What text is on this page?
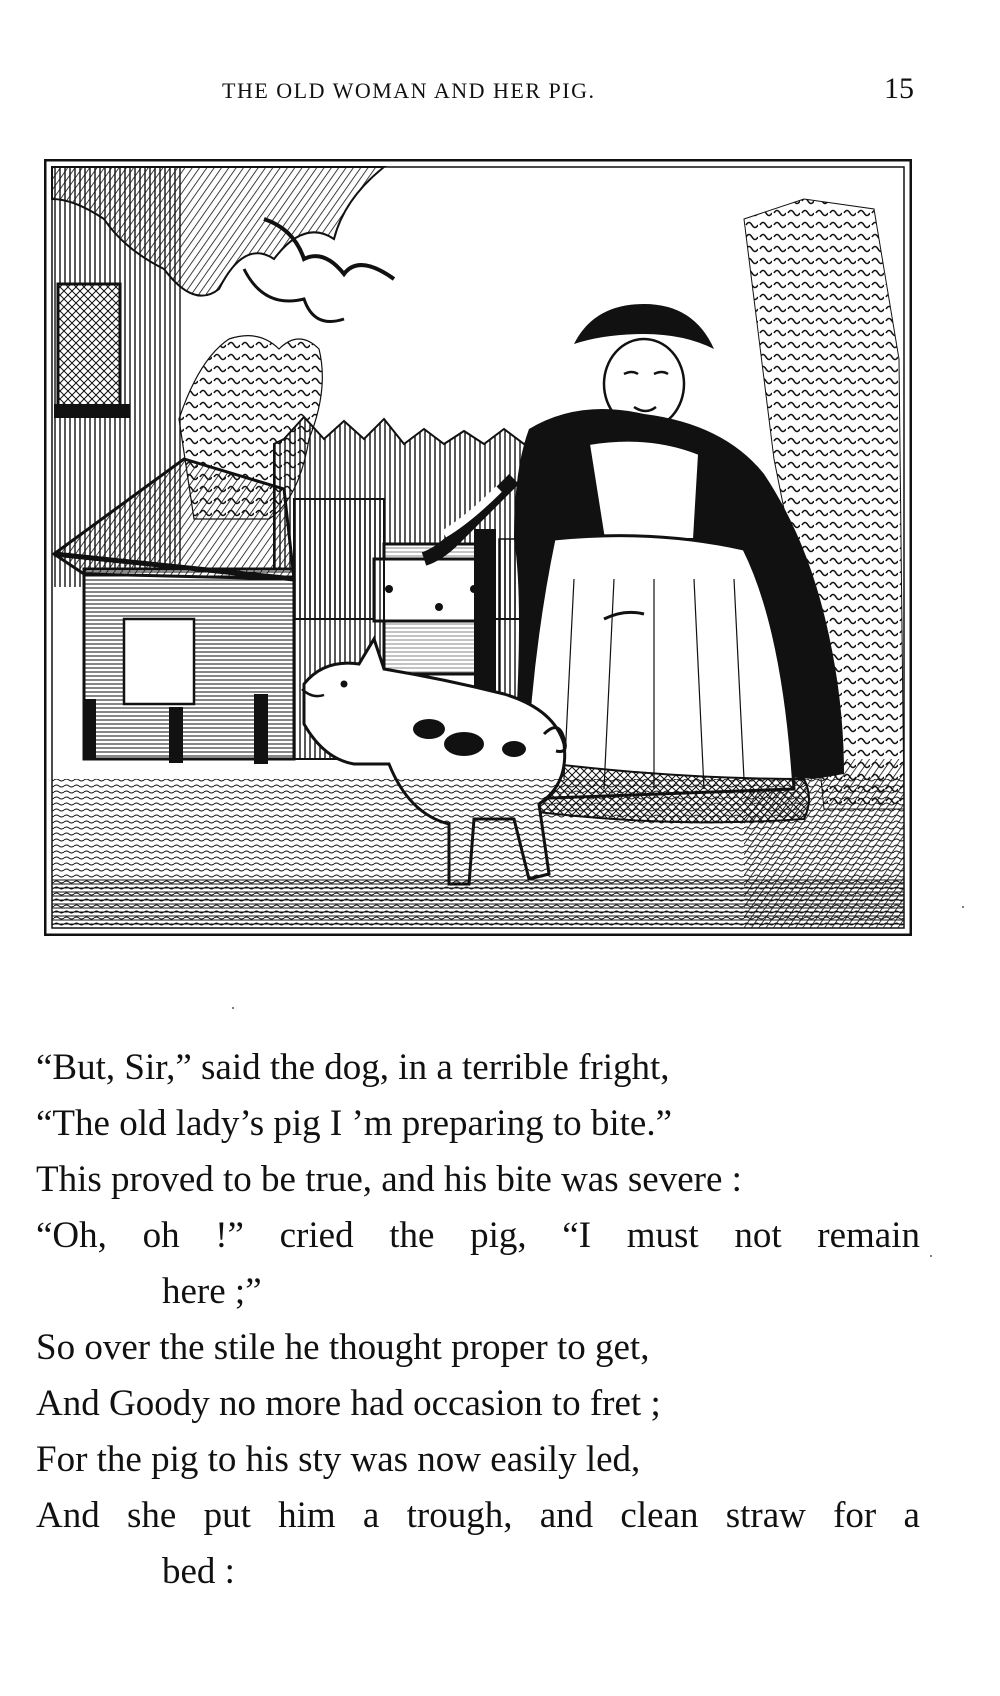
THE OLD WOMAN AND HER PIG.	15
“But, Sir,” said the dog, in a terrible fright,
“The old lady’s pig I ’m preparing to bite.”
This proved to be true, and his bite was severe :
“Oh, oh !” cried the pig, “I must not remain
here ;”
So over the stile he thought proper to get,
And Goody no more had occasion to fret ;
For the pig to his sty was now easily led,
And she put him a trough, and clean straw for a
bed :
